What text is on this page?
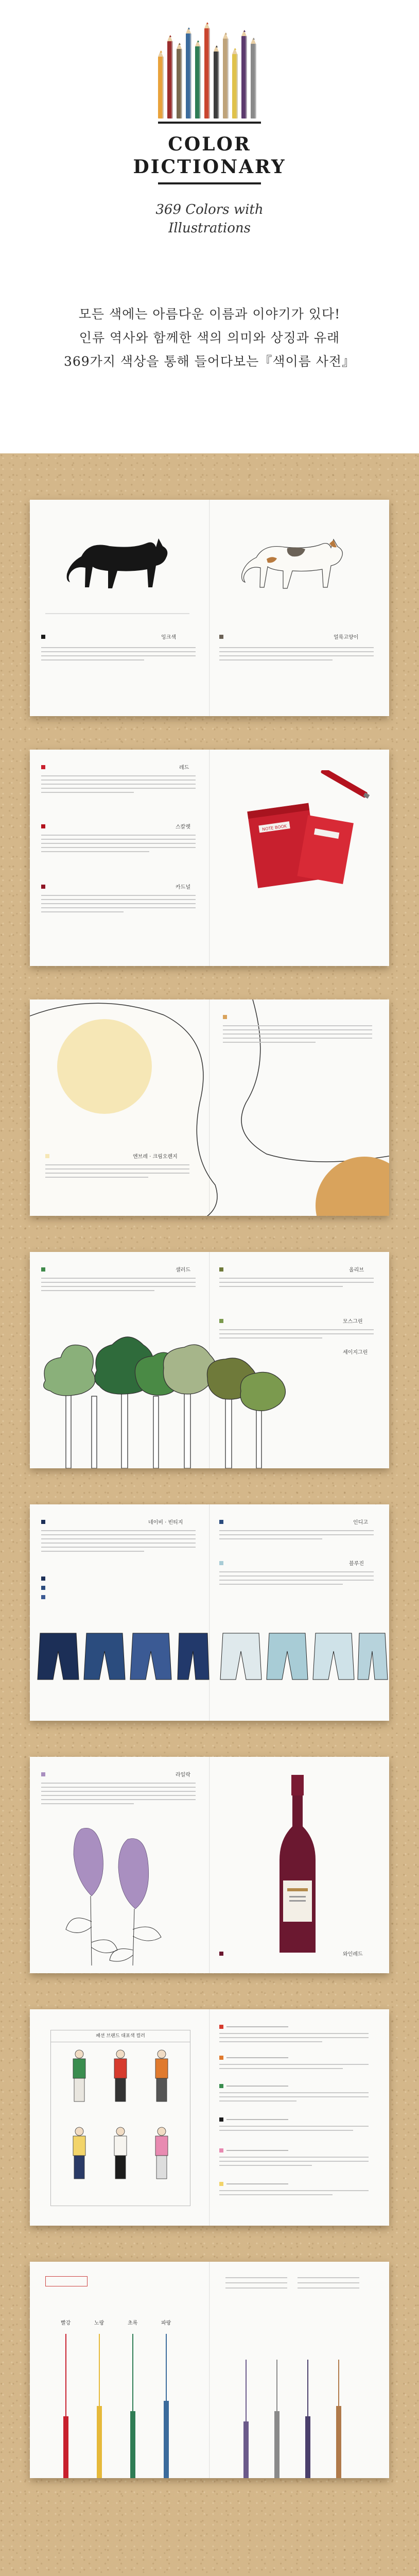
COLOR
DICTIONARY
369 Colors with
Illustrations
모든 색에는 아름다운 이름과 이야기가 있다!
인류 역사와 함께한 색의 의미와 상징과 유래
369가지 색상을 통해 들어다보는『색이름 사전』
잉크색	얼룩고양이
레드
스칼렛
카드널
NOTE BOOK
엔브레 · 크림오렌지
샐러드	올리브
모스그린
세이지그린
네이비 · 빈티지	인디고
블루진
라일락
와인레드
패션 브랜드 대표색 컬러
빨강	노랑	초록	파랑
